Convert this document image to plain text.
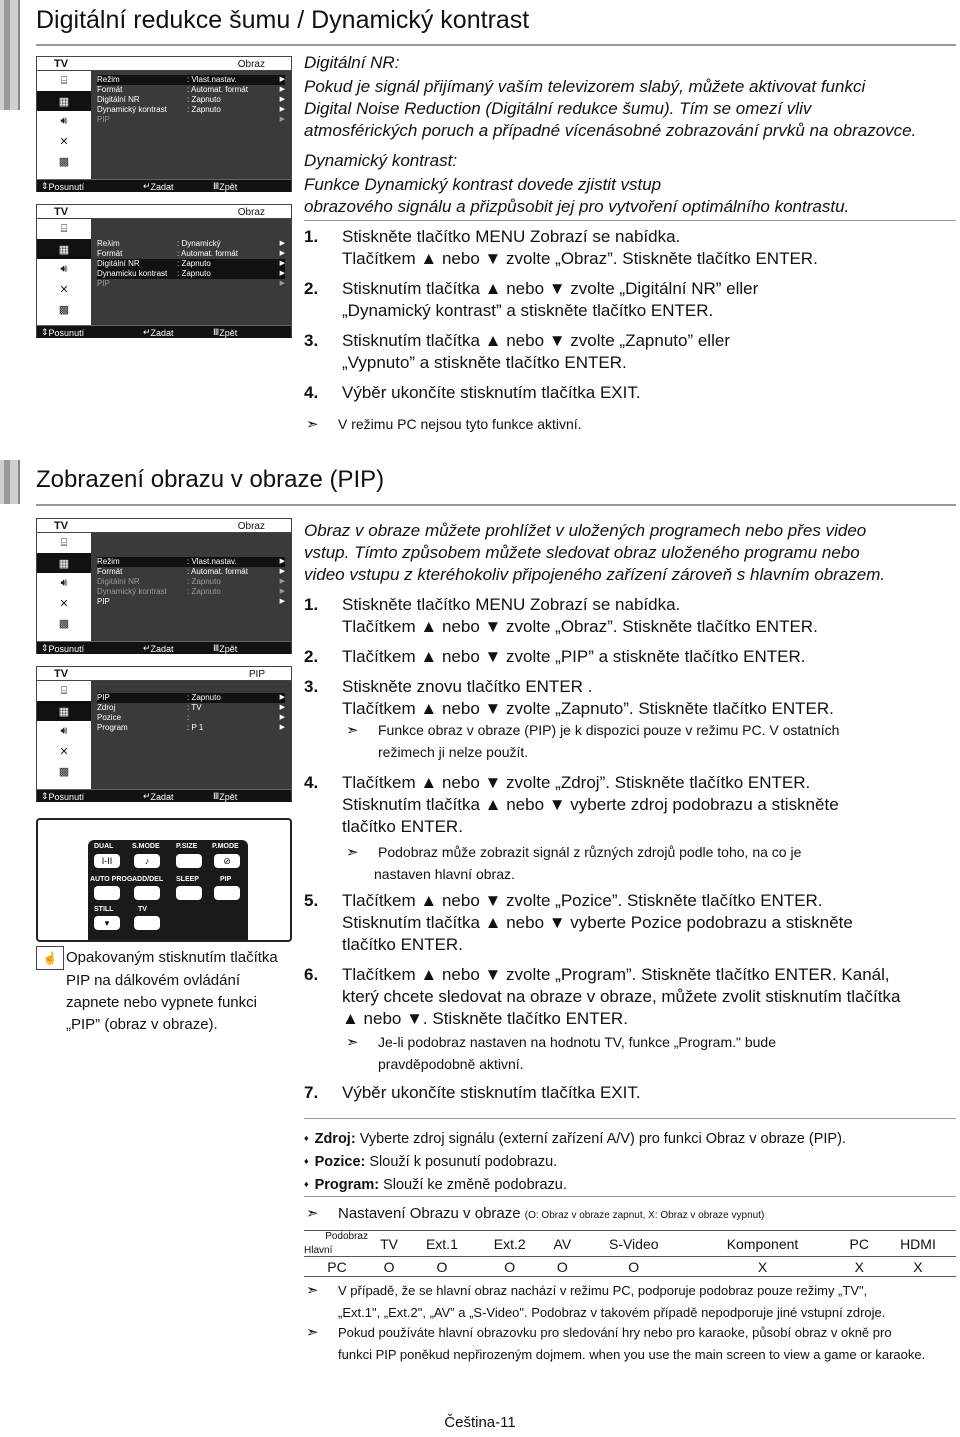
Digitální redukce šumu / Dynamický kontrast
TV	Obraz
⌸
▦
🔊︎
✕
▩
Režim	: Vlast.nastav.	▶
Formát	: Automat. formát	▶
Digitální NR	: Zapnuto	▶
Dynamický kontrast	: Zapnuto	▶
PIP	▶
⇕ Posunutí	↵ Zadat	Ⅲ Zpět
TV	Obraz
⌸
▦
🔊︎
✕
▩
Reλim	: Dynamický	▶
Formát	: Automat. formát	▶
Digitální NR	: Zapnuto	▶
Dynamicku kontrast : Zapnuto	▶
PIP	▶
⇕ Posunutí	↵ Zadat	Ⅲ Zpět
Digitální NR:
Pokud je signál přijímaný vaším televizorem slabý, můžete aktivovat funkci
Digital Noise Reduction (Digitální redukce šumu). Tím se omezí vliv
atmosférických poruch a případné vícenásobné zobrazování prvků na obrazovce.
Dynamický kontrast:
Funkce Dynamický kontrast dovede zjistit vstup
obrazového signálu a přizpůsobit jej pro vytvoření optimálního kontrastu.
1. Stiskněte tlačítko MENU Zobrazí se nabídka.
Tlačítkem ▲ nebo ▼ zvolte „Obraz”. Stiskněte tlačítko ENTER.
2. Stisknutím tlačítka ▲ nebo ▼ zvolte „Digitální NR” eller
„Dynamický kontrast” a stiskněte tlačítko ENTER.
3. Stisknutím tlačítka ▲ nebo ▼ zvolte „Zapnuto” eller
„Vypnuto” a stiskněte tlačítko ENTER.
4. Výběr ukončíte stisknutím tlačítka EXIT.
➣ V režimu PC nejsou tyto funkce aktivní.
Zobrazení obrazu v obraze (PIP)
TV	Obraz
⌸
▦
🔊︎
✕
▩
Režim	: Vlast.nastav.	▶
Formát	: Automat. formát	▶
Digitální NR	: Zapnuto	▶
Dynamický kontrast	: Zapnuto	▶
PIP	▶
⇕ Posunutí	↵ Zadat	Ⅲ Zpět
TV	PIP
⌸
▦
🔊︎
✕
▩
PIP	: Zapnuto	▶
Zdroj	: TV	▶
Pozice	:	▶
Program	: P 1	▶
⇕ Posunutí	↵ Zadat	Ⅲ Zpět
DUAL	S.MODE P.SIZE P.MODE
I-II	♪	⊘
AUTO PROG.
ADD/DEL SLEEP	PIP
STILL	TV
▾
☝ Opakovaným stisknutím tlačítka
PIP na dálkovém ovládání
zapnete nebo vypnete funkci
„PIP” (obraz v obraze).
Obraz v obraze můžete prohlížet v uložených programech nebo přes video
vstup. Tímto způsobem můžete sledovat obraz uloženého programu nebo
video vstupu z kteréhokoliv připojeného zařízení zároveň s hlavním obrazem.
1. Stiskněte tlačítko MENU Zobrazí se nabídka.
Tlačítkem ▲ nebo ▼ zvolte „Obraz”. Stiskněte tlačítko ENTER.
2. Tlačítkem ▲ nebo ▼ zvolte „PIP” a stiskněte tlačítko ENTER.
3. Stiskněte znovu tlačítko ENTER .
Tlačítkem ▲ nebo ▼ zvolte „Zapnuto”. Stiskněte tlačítko ENTER.
➣ Funkce obraz v obraze (PIP) je k dispozici pouze v režimu PC. V ostatních
režimech ji nelze použít.
4. Tlačítkem ▲ nebo ▼ zvolte „Zdroj”. Stiskněte tlačítko ENTER.
Stisknutím tlačítka ▲ nebo ▼ vyberte zdroj podobrazu a stiskněte
tlačítko ENTER.
➣ Podobraz může zobrazit signál z různých zdrojů podle toho, na co je
nastaven hlavní obraz.
5. Tlačítkem ▲ nebo ▼ zvolte „Pozice”. Stiskněte tlačítko ENTER.
Stisknutím tlačítka ▲ nebo ▼ vyberte Pozice podobrazu a stiskněte
tlačítko ENTER.
6. Tlačítkem ▲ nebo ▼ zvolte „Program”. Stiskněte tlačítko ENTER. Kanál,
který chcete sledovat na obraze v obraze, můžete zvolit stisknutím tlačítka
▲ nebo ▼. Stiskněte tlačítko ENTER.
➣ Je-li podobraz nastaven na hodnotu TV, funkce „Program." bude
pravděpodobně aktivní.
7. Výběr ukončíte stisknutím tlačítka EXIT.
♦ Zdroj: Vyberte zdroj signálu (externí zařízení A/V) pro funkci Obraz v obraze (PIP).
♦ Pozice: Slouží k posunutí podobrazu.
♦ Program: Slouží ke změně podobrazu.
➣ Nastavení Obrazu v obraze (O: Obraz v obraze zapnut, X: Obraz v obraze vypnut)
Podobraz
Hlavní	TV	Ext.1	Ext.2	AV	S-Video	Komponent	PC	HDMI
PC	O	O	O	O	O	X	X	X
➣ V případě, že se hlavní obraz nachází v režimu PC, podporuje podobraz pouze režimy „TV",
„Ext.1", „Ext.2", „AV” a „S-Video". Podobraz v takovém případě nepodporuje jiné vstupní zdroje.
➣ Pokud používáte hlavní obrazovku pro sledování hry nebo pro karaoke, působí obraz v okně pro
funkci PIP poněkud nepřirozeným dojmem. when you use the main screen to view a game or karaoke.
Čeština-11
